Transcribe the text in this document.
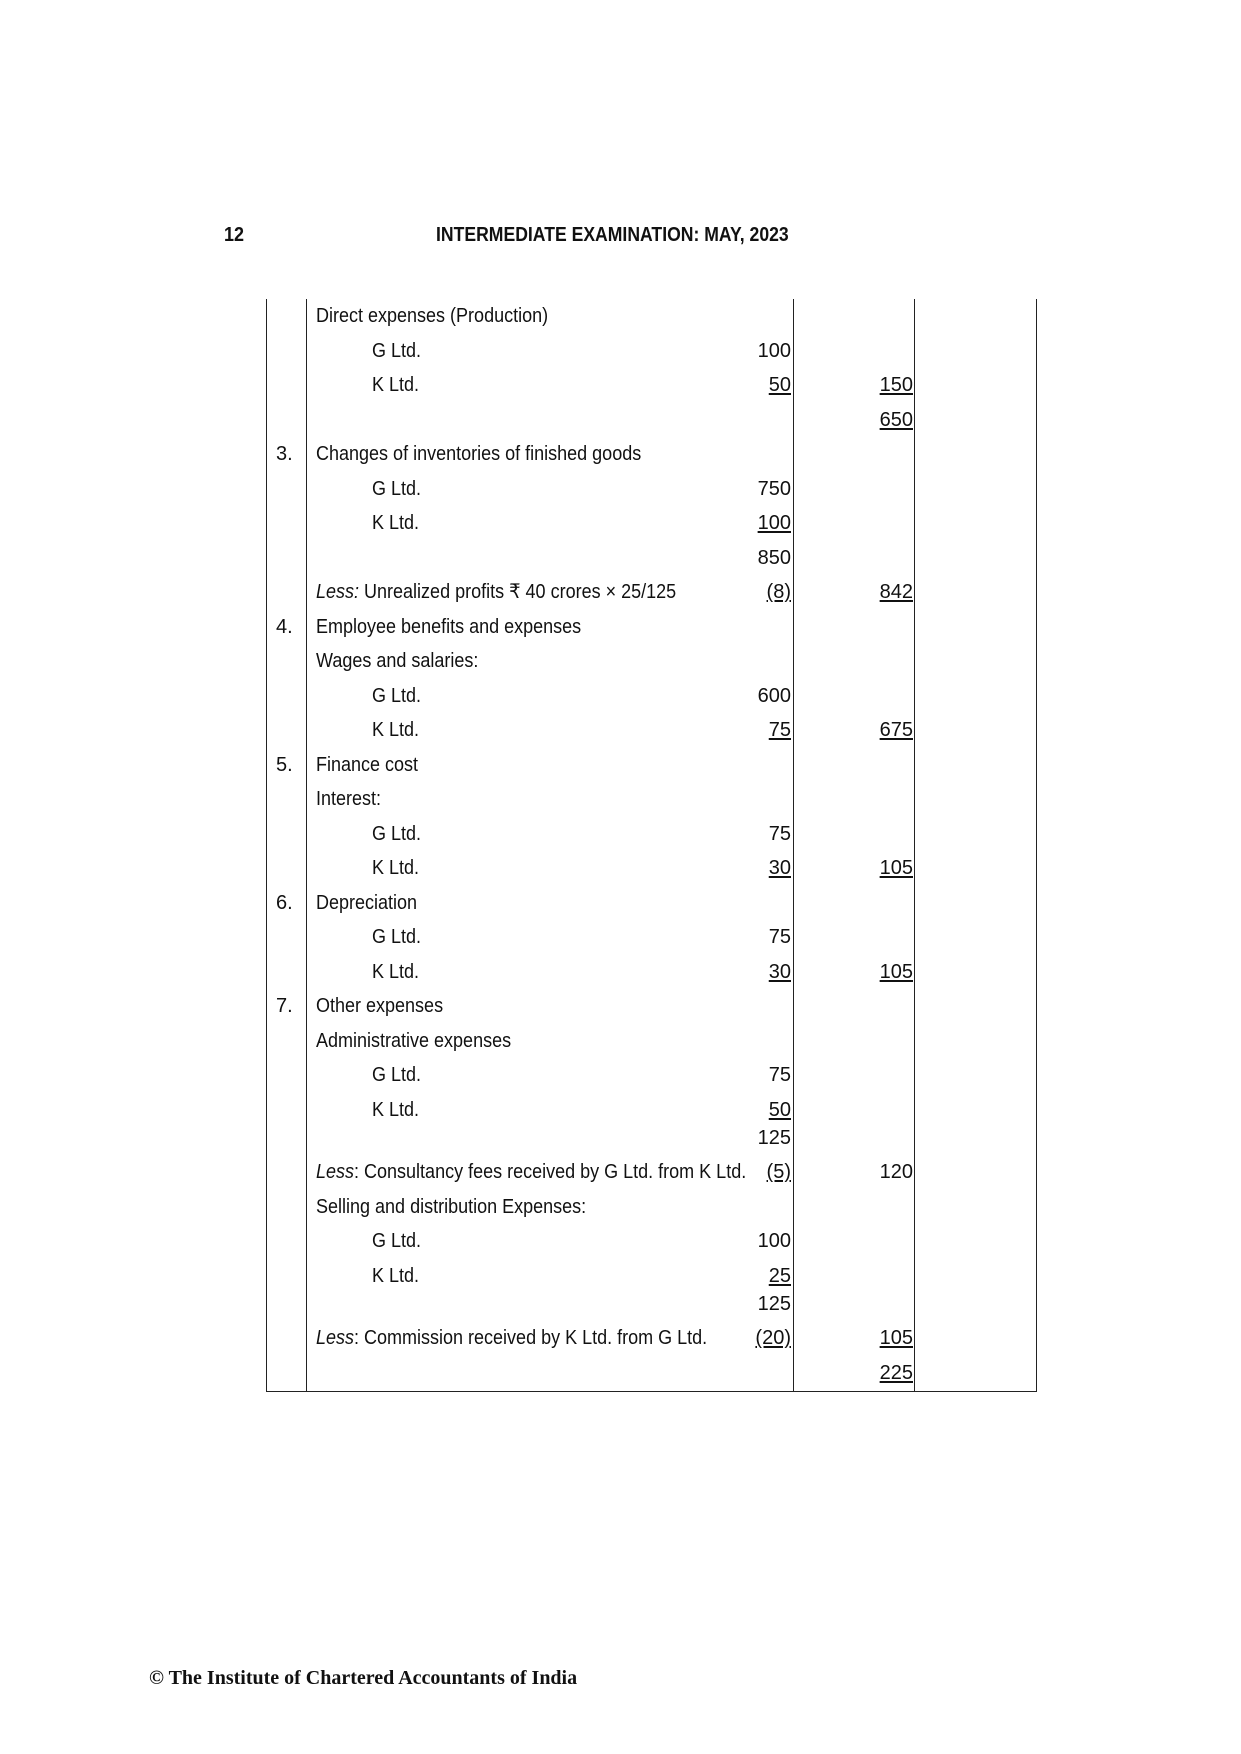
12	INTERMEDIATE EXAMINATION: MAY, 2023
Direct expenses (Production)
G Ltd.	100
K Ltd.	50	150
650
3. Changes of inventories of finished goods
G Ltd.	750
K Ltd.	100
850
Less: Unrealized profits ₹ 40 crores × 25/125	(8)	842
4. Employee benefits and expenses
Wages and salaries:
G Ltd.	600
K Ltd.	75	675
5. Finance cost
Interest:
G Ltd.	75
K Ltd.	30	105
6. Depreciation
G Ltd.	75
K Ltd.	30	105
7. Other expenses
Administrative expenses
G Ltd.	75
K Ltd.	50
125
Less: Consultancy fees received by G Ltd. from K Ltd. (5)	120
Selling and distribution Expenses:
G Ltd.	100
K Ltd.	25
125
Less: Commission received by K Ltd. from G Ltd. (20)	105
225
© The Institute of Chartered Accountants of India
